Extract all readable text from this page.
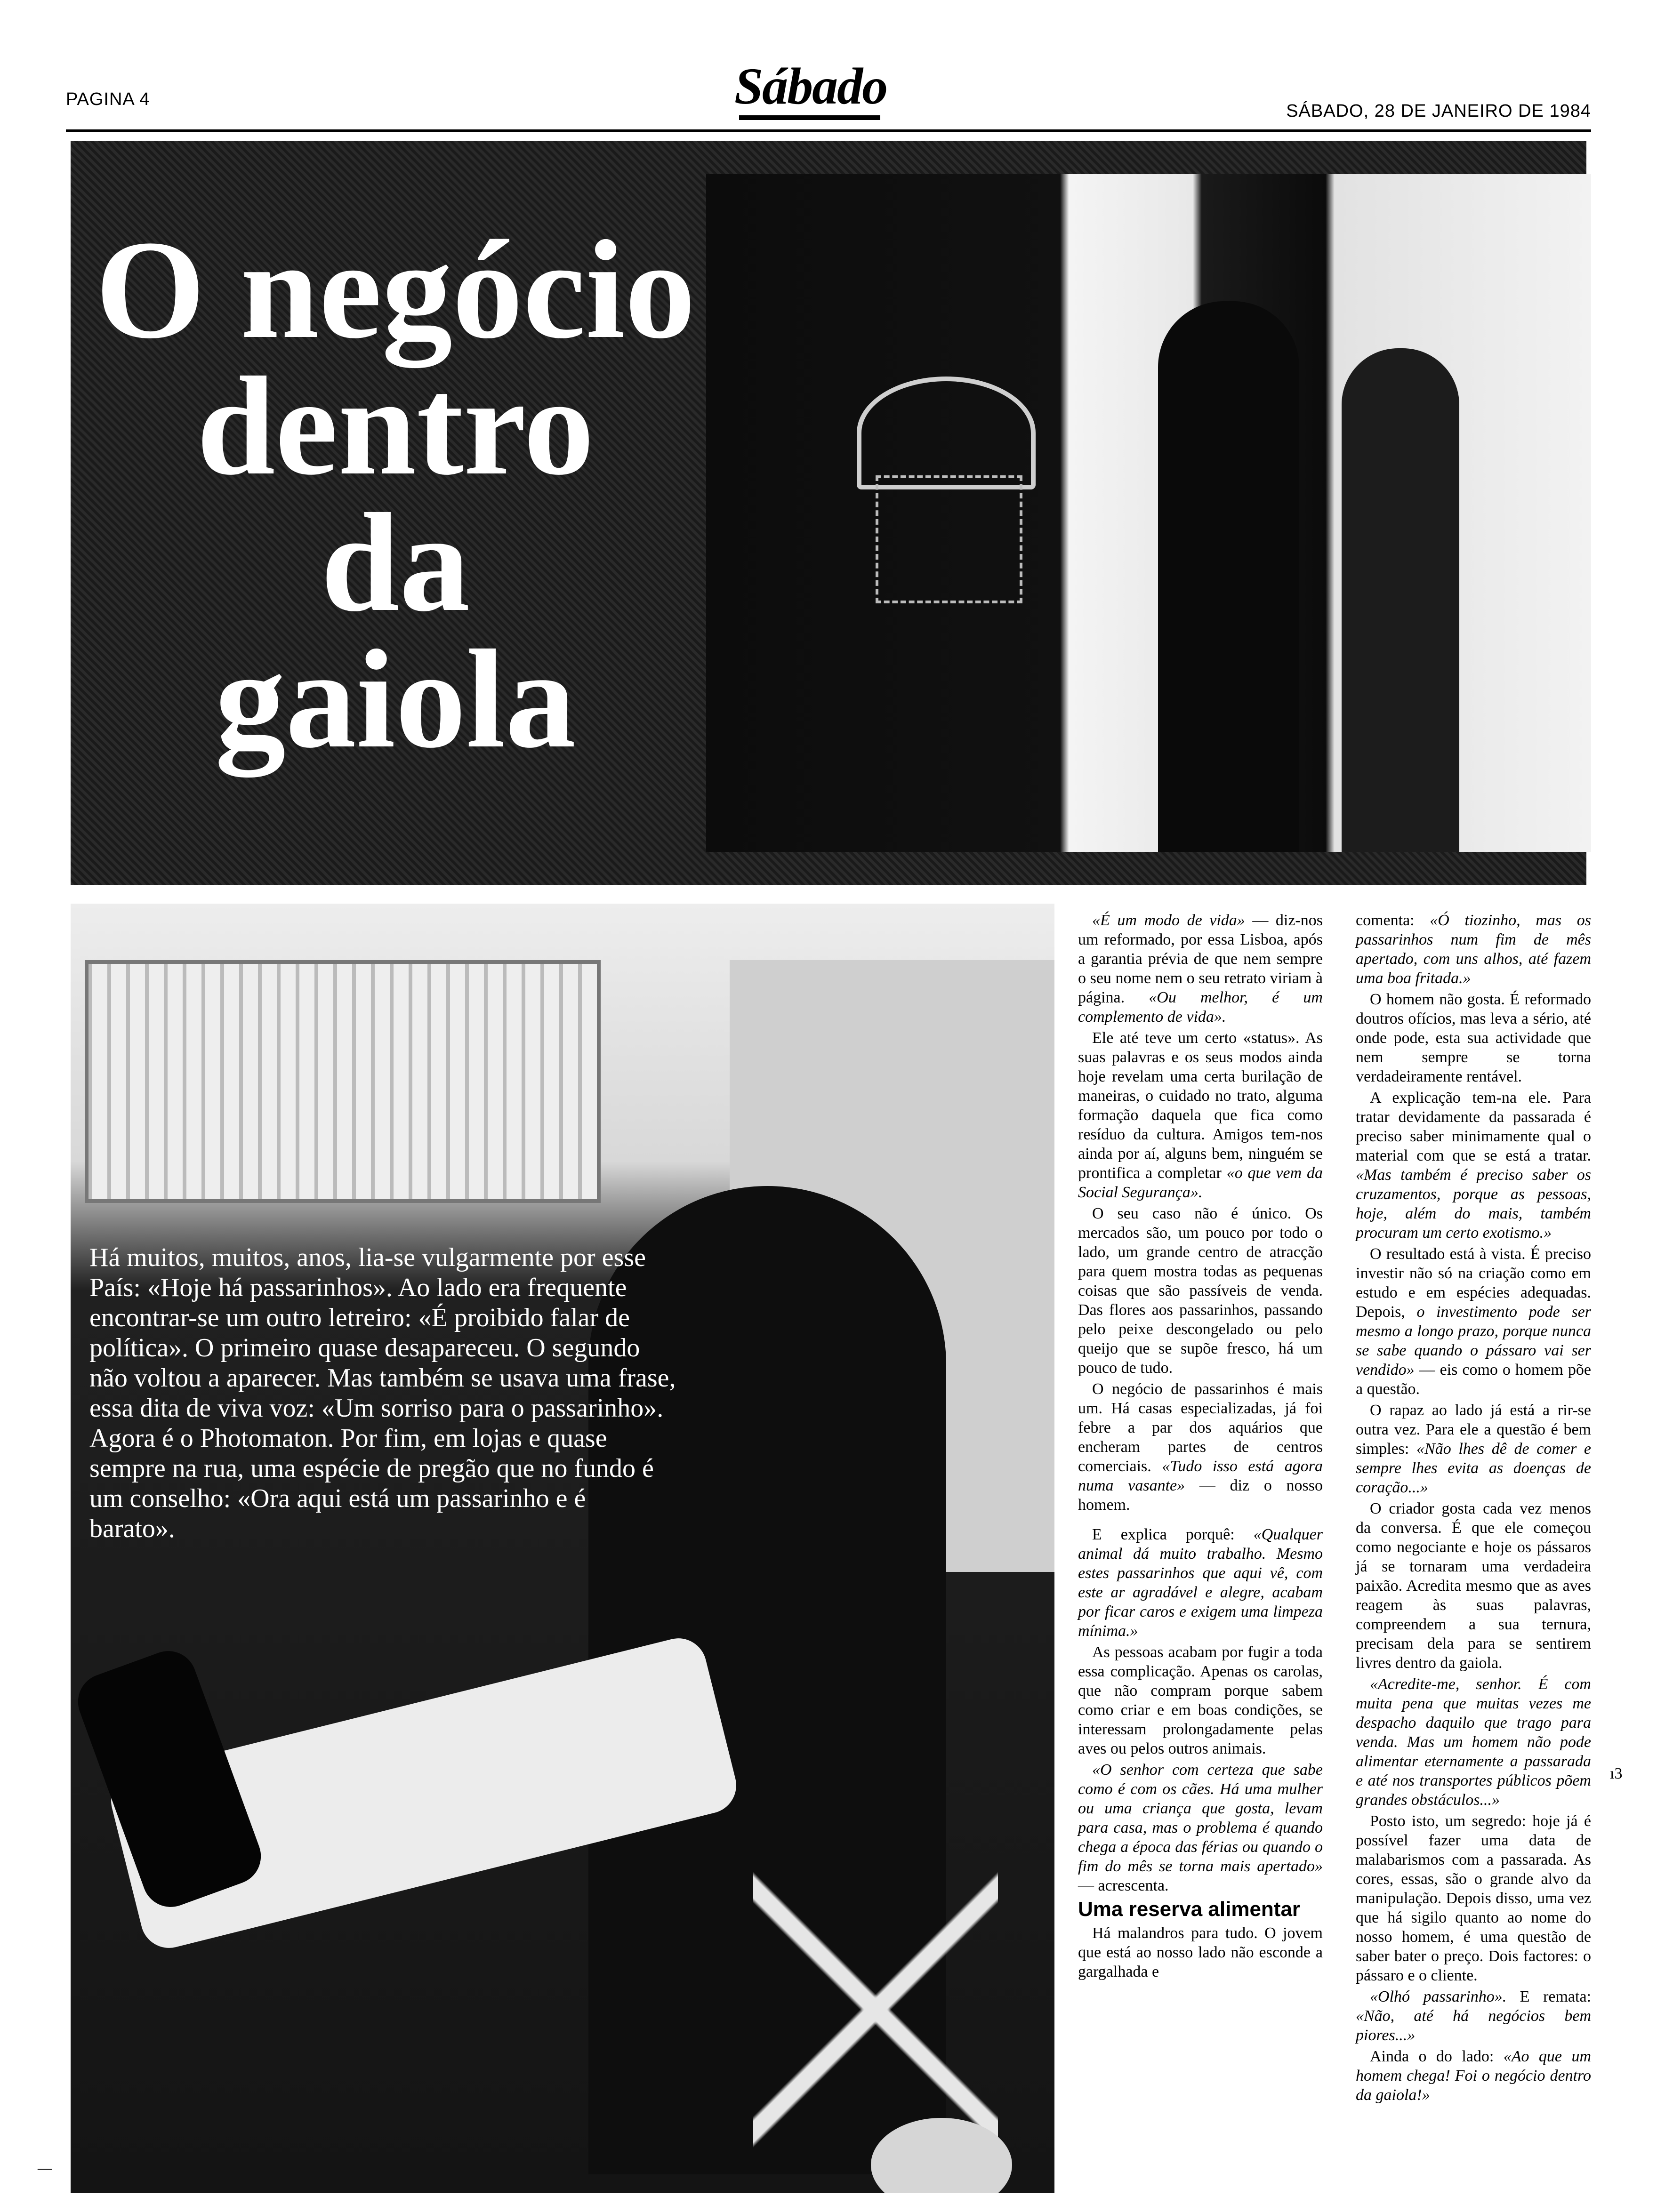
PAGINA 4	Sábado	SÁBADO, 28 DE JANEIRO DE 1984
O negócio
dentro
da
gaiola

Há muitos, muitos, anos, lia-se vulgarmente por esse País: «Hoje há passarinhos». Ao lado era frequente encontrar-se um outro letreiro: «É proibido falar de política». O primeiro quase desapareceu. O segundo não voltou a aparecer. Mas também se usava uma frase, essa dita de viva voz: «Um sorriso para o passarinho». Agora é o Photomaton. Por fim, em lojas e quase sempre na rua, uma espécie de pregão que no fundo é um conselho: «Ora aqui está um passarinho e é barato».

«É um modo de vida» — diz-nos um reformado, por essa Lisboa, após a garantia prévia de que nem sempre o seu nome nem o seu retrato viriam à página. «Ou melhor, é um complemento de vida».

Ele até teve um certo «status». As suas palavras e os seus modos ainda hoje revelam uma certa burilação de maneiras, o cuidado no trato, alguma formação daquela que fica como resíduo da cultura. Amigos tem-nos ainda por aí, alguns bem, ninguém se prontifica a completar «o que vem da Social Segurança».

O seu caso não é único. Os mercados são, um pouco por todo o lado, um grande centro de atracção para quem mostra todas as pequenas coisas que são passíveis de venda. Das flores aos passarinhos, passando pelo peixe descongelado ou pelo queijo que se supõe fresco, há um pouco de tudo.

O negócio de passarinhos é mais um. Há casas especializadas, já foi febre a par dos aquários que encheram partes de centros comerciais. «Tudo isso está agora numa vasante» — diz o nosso homem.

E explica porquê: «Qualquer animal dá muito trabalho. Mesmo estes passarinhos que aqui vê, com este ar agradável e alegre, acabam por ficar caros e exigem uma limpeza mínima.»

As pessoas acabam por fugir a toda essa complicação. Apenas os carolas, que não compram porque sabem como criar e em boas condições, se interessam prolongadamente pelas aves ou pelos outros animais.

«O senhor com certeza que sabe como é com os cães. Há uma mulher ou uma criança que gosta, levam para casa, mas o problema é quando chega a época das férias ou quando o fim do mês se torna mais apertado» — acrescenta.

Uma reserva alimentar

Há malandros para tudo. O jovem que está ao nosso lado não esconde a gargalhada e

comenta: «Ó tiozinho, mas os passarinhos num fim de mês apertado, com uns alhos, até fazem uma boa fritada.»

O homem não gosta. É reformado doutros ofícios, mas leva a sério, até onde pode, esta sua actividade que nem sempre se torna verdadeiramente rentável.

A explicação tem-na ele. Para tratar devidamente da passarada é preciso saber minimamente qual o material com que se está a tratar. «Mas também é preciso saber os cruzamentos, porque as pessoas, hoje, além do mais, também procuram um certo exotismo.»

O resultado está à vista. É preciso investir não só na criação como em estudo e em espécies adequadas. Depois, o investimento pode ser mesmo a longo prazo, porque nunca se sabe quando o pássaro vai ser vendido» — eis como o homem põe a questão.

O rapaz ao lado já está a rir-se outra vez. Para ele a questão é bem simples: «Não lhes dê de comer e sempre lhes evita as doenças de coração...»

O criador gosta cada vez menos da conversa. É que ele começou como negociante e hoje os pássaros já se tornaram uma verdadeira paixão. Acredita mesmo que as aves reagem às suas palavras, compreendem a sua ternura, precisam dela para se sentirem livres dentro da gaiola.

«Acredite-me, senhor. É com muita pena que muitas vezes me despacho daquilo que trago para venda. Mas um homem não pode alimentar eternamente a passarada e até nos transportes públicos põem grandes obstáculos...»

Posto isto, um segredo: hoje já é possível fazer uma data de malabarismos com a passarada. As cores, essas, são o grande alvo da manipulação. Depois disso, uma vez que há sigilo quanto ao nome do nosso homem, é uma questão de saber bater o preço. Dois factores: o pássaro e o cliente.

«Olhó passarinho». E remata: «Não, até há negócios bem piores...»

Ainda o do lado: «Ao que um homem chega! Foi o negócio dentro da gaiola!»

ı3
—
